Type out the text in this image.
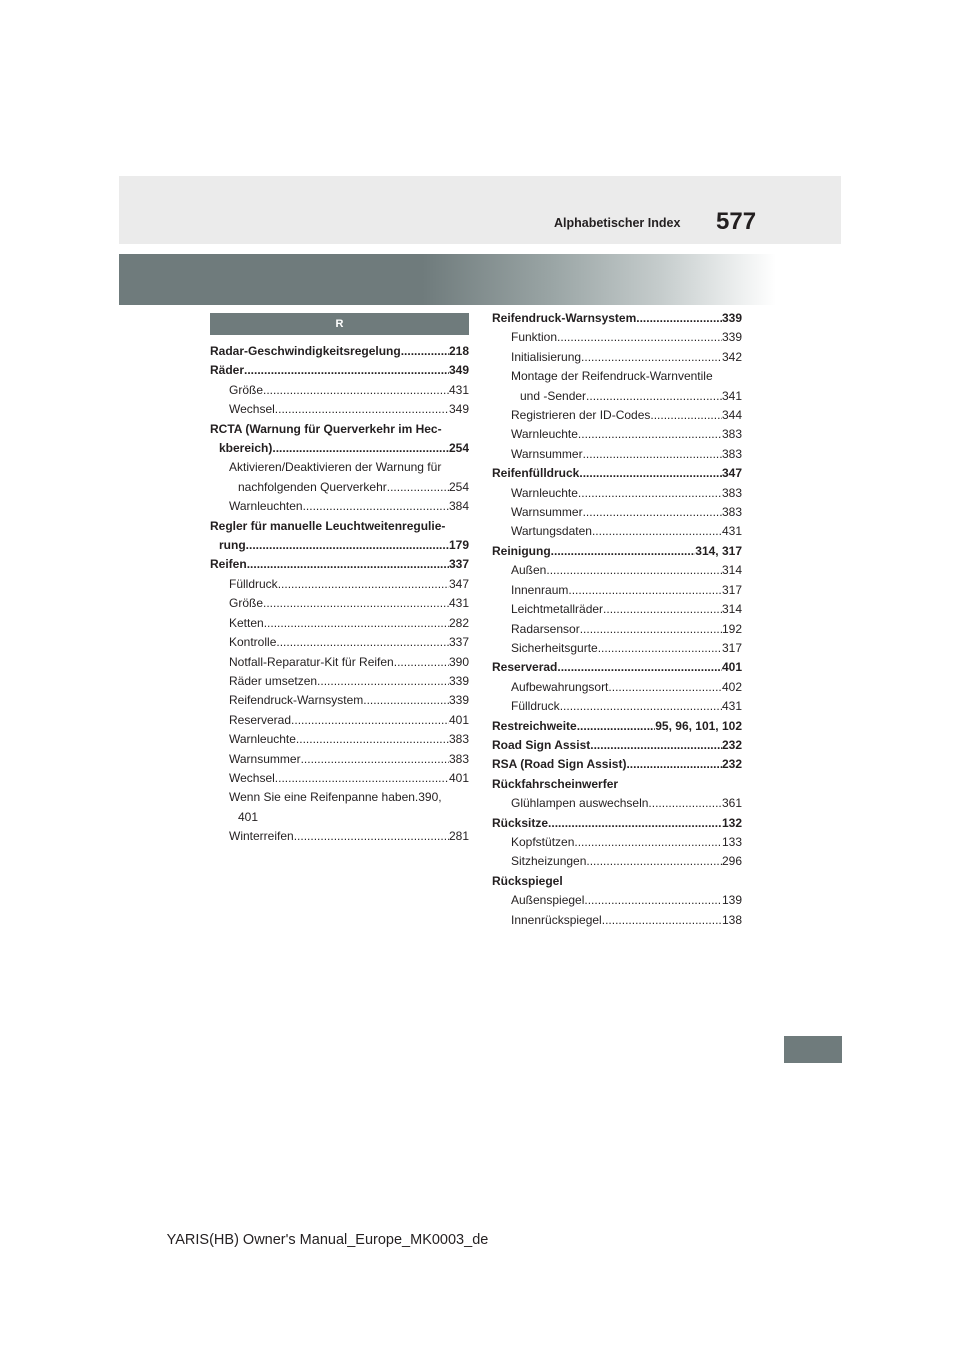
Alphabetischer Index 577
R
Radar-Geschwindigkeitsregelung .....	218
Räder .....	349
Größe .....	431
Wechsel .....	349
RCTA (Warnung für Querverkehr im Hec-
kbereich) .....	254
Aktivieren/Deaktivieren der Warnung für
nachfolgenden Querverkehr .....	254
Warnleuchten .....	384
Regler für manuelle Leuchtweitenregulie-
rung .....	179
Reifen .....	337
Fülldruck .....	347
Größe .....	431
Ketten .....	282
Kontrolle .....	337
Notfall-Reparatur-Kit für Reifen .....	390
Räder umsetzen .....	339
Reifendruck-Warnsystem .....	339
Reserverad .....	401
Warnleuchte .....	383
Warnsummer .....	383
Wechsel .....	401
Wenn Sie eine Reifenpanne haben.390,
401
Winterreifen .....	281
Reifendruck-Warnsystem .....	339
Funktion .....	339
Initialisierung .....	342
Montage der Reifendruck-Warnventile
und -Sender .....	341
Registrieren der ID-Codes .....	344
Warnleuchte .....	383
Warnsummer .....	383
Reifenfülldruck .....	347
Warnleuchte .....	383
Warnsummer .....	383
Wartungsdaten .....	431
Reinigung .....	314, 317
Außen .....	314
Innenraum .....	317
Leichtmetallräder .....	314
Radarsensor .....	192
Sicherheitsgurte .....	317
Reserverad .....	401
Aufbewahrungsort .....	402
Fülldruck .....	431
Restreichweite .....	95, 96, 101, 102
Road Sign Assist .....	232
RSA (Road Sign Assist) .....	232
Rückfahrscheinwerfer
Glühlampen auswechseln .....	361
Rücksitze .....	132
Kopfstützen .....	133
Sitzheizungen .....	296
Rückspiegel
Außenspiegel .....	139
Innenrückspiegel .....	138
YARIS(HB) Owner's Manual_Europe_MK0003_de
